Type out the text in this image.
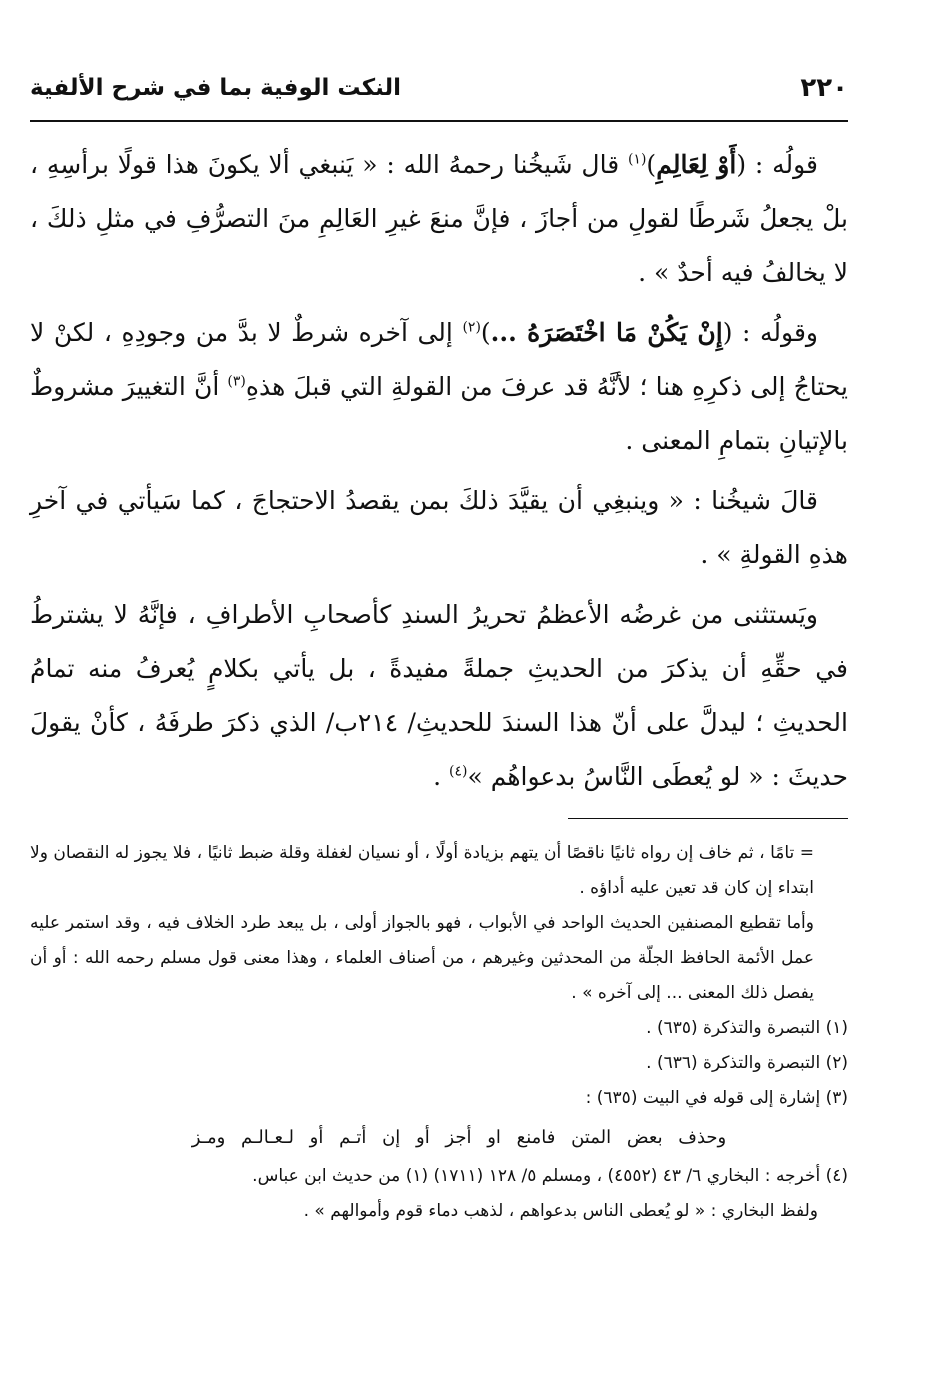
٢٢٠
النكت الوفية بما في شرح الألفية

قولُه : (أَوْ لِعَالِمِ)$^{(١)}$ قال شَيخُنا رحمهُ الله : « يَنبغي ألا يكونَ هذا قولًا برأسِهِ ، بلْ يجعلُ شَرطًا لقولِ من أجازَ ، فإنَّ منعَ غيرِ العَالِمِ منَ التصرُّفِ في مثلِ ذلكَ ، لا يخالفُ فيه أحدٌ » .

وقولُه : (إِنْ يَكُنْ مَا اخْتَصَرَهُ ...)$^{(٢)}$ إلى آخره شرطٌ لا بدَّ من وجودِهِ ، لكنْ لا يحتاجُ إلى ذكرِهِ هنا ؛ لأنَّهُ قد عرفَ من القولةِ التي قبلَ هذهِ$^{(٣)}$ أنَّ التغييرَ مشروطٌ بالإتيانِ بتمامِ المعنى .

قالَ شيخُنا : « وينبغِي أن يقيَّدَ ذلكَ بمن يقصدُ الاحتجاجَ ، كما سَيأتي في آخرِ هذهِ القولةِ » .

ويَستثنى من غرضُه الأعظمُ تحريرُ السندِ كأصحابِ الأطرافِ ، فإنَّهُ لا يشترطُ في حقِّهِ أن يذكرَ من الحديثِ جملةً مفيدةً ، بل يأتي بكلامٍ يُعرفُ منه تمامُ الحديثِ ؛ ليدلَّ على أنّ هذا السندَ للحديثِ/ ٢١٤ب/ الذي ذكرَ طرفَهُ ، كأنْ يقولَ حديثَ : « لو يُعطَى النَّاسُ بدعواهُم »$^{(٤)}$ .

= تامًا ، ثم خاف إن رواه ثانيًا ناقصًا أن يتهم بزيادة أولًا ، أو نسيان لغفلة وقلة ضبط ثانيًا ، فلا يجوز له النقصان ولا ابتداء إن كان قد تعين عليه أداؤه .

وأما تقطيع المصنفين الحديث الواحد في الأبواب ، فهو بالجواز أولى ، بل يبعد طرد الخلاف فيه ، وقد استمر عليه عمل الأئمة الحافظ الجلّة من المحدثين وغيرهم ، من أصناف العلماء ، وهذا معنى قول مسلم رحمه الله : أو أن يفصل ذلك المعنى ... إلى آخره » .

(١) التبصرة والتذكرة (٦٣٥) .

(٢) التبصرة والتذكرة (٦٣٦) .

(٣) إشارة إلى قوله في البيت (٦٣٥) :

وحذف بعض المتن فامنع او أجز أو إن أتـم أو لـعـالـم ومـز

(٤) أخرجه : البخاري ٦/ ٤٣ (٤٥٥٢) ، ومسلم ٥/ ١٢٨ (١٧١١) (١) من حديث ابن عباس.

ولفظ البخاري : « لو يُعطى الناس بدعواهم ، لذهب دماء قوم وأموالهم » .
